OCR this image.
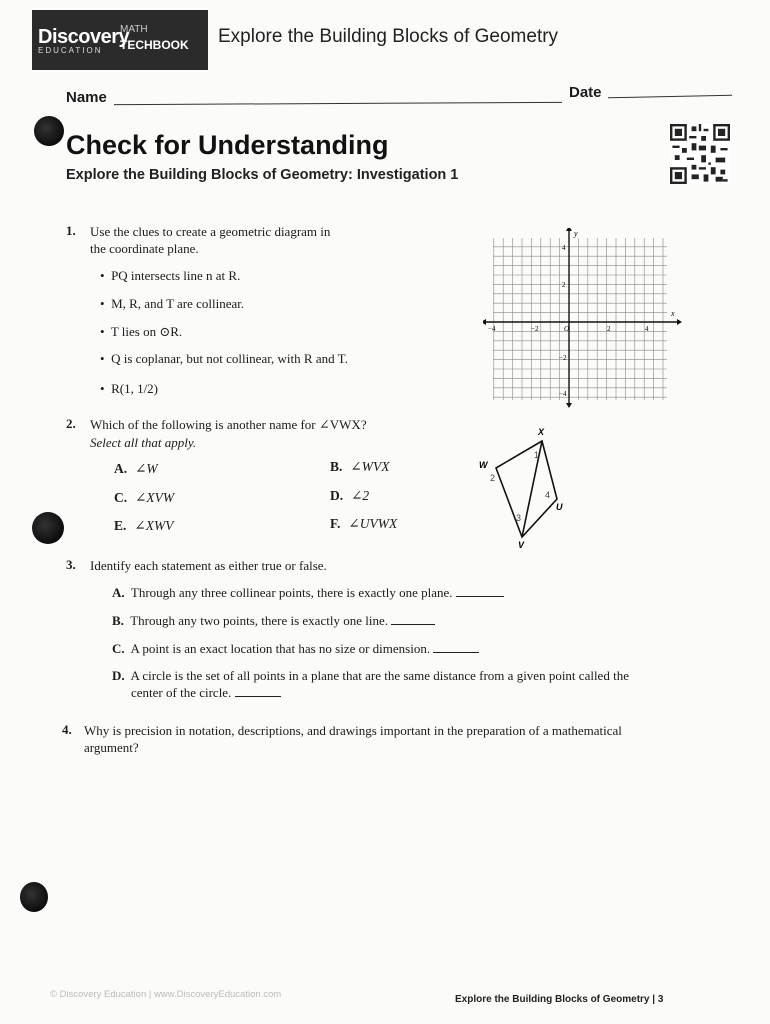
Discovery
EDUCATION
MATH
TECHBOOK Explore the Building Blocks of Geometry
Name	Date
Check for Understanding
Explore the Building Blocks of Geometry: Investigation 1
1. Use the clues to create a geometric diagram in
the coordinate plane.
•  PQ intersects line n at R.
•  M, R, and T are collinear.
•  T lies on ⊙R.
•  Q is coplanar, but not collinear, with R and T.
•  R(1, 1/2)
x
y
−4	−2	O	2	4
4
2
−2
−4
2. Which of the following is another name for ∠VWX?
Select all that apply.
A. ∠W	B. ∠WVX
C. ∠XVW	D. ∠2
E. ∠XWV	F. ∠UVWX
X
W
U
V
1
2
3
4
3. Identify each statement as either true or false.
A. Through any three collinear points, there is exactly one plane.
B. Through any two points, there is exactly one line.
C. A point is an exact location that has no size or dimension.
D. A circle is the set of all points in a plane that are the same distance from a given point called the
center of the circle.
4. Why is precision in notation, descriptions, and drawings important in the preparation of a mathematical
argument?
© Discovery Education | www.DiscoveryEducation.com	Explore the Building Blocks of Geometry | 3
